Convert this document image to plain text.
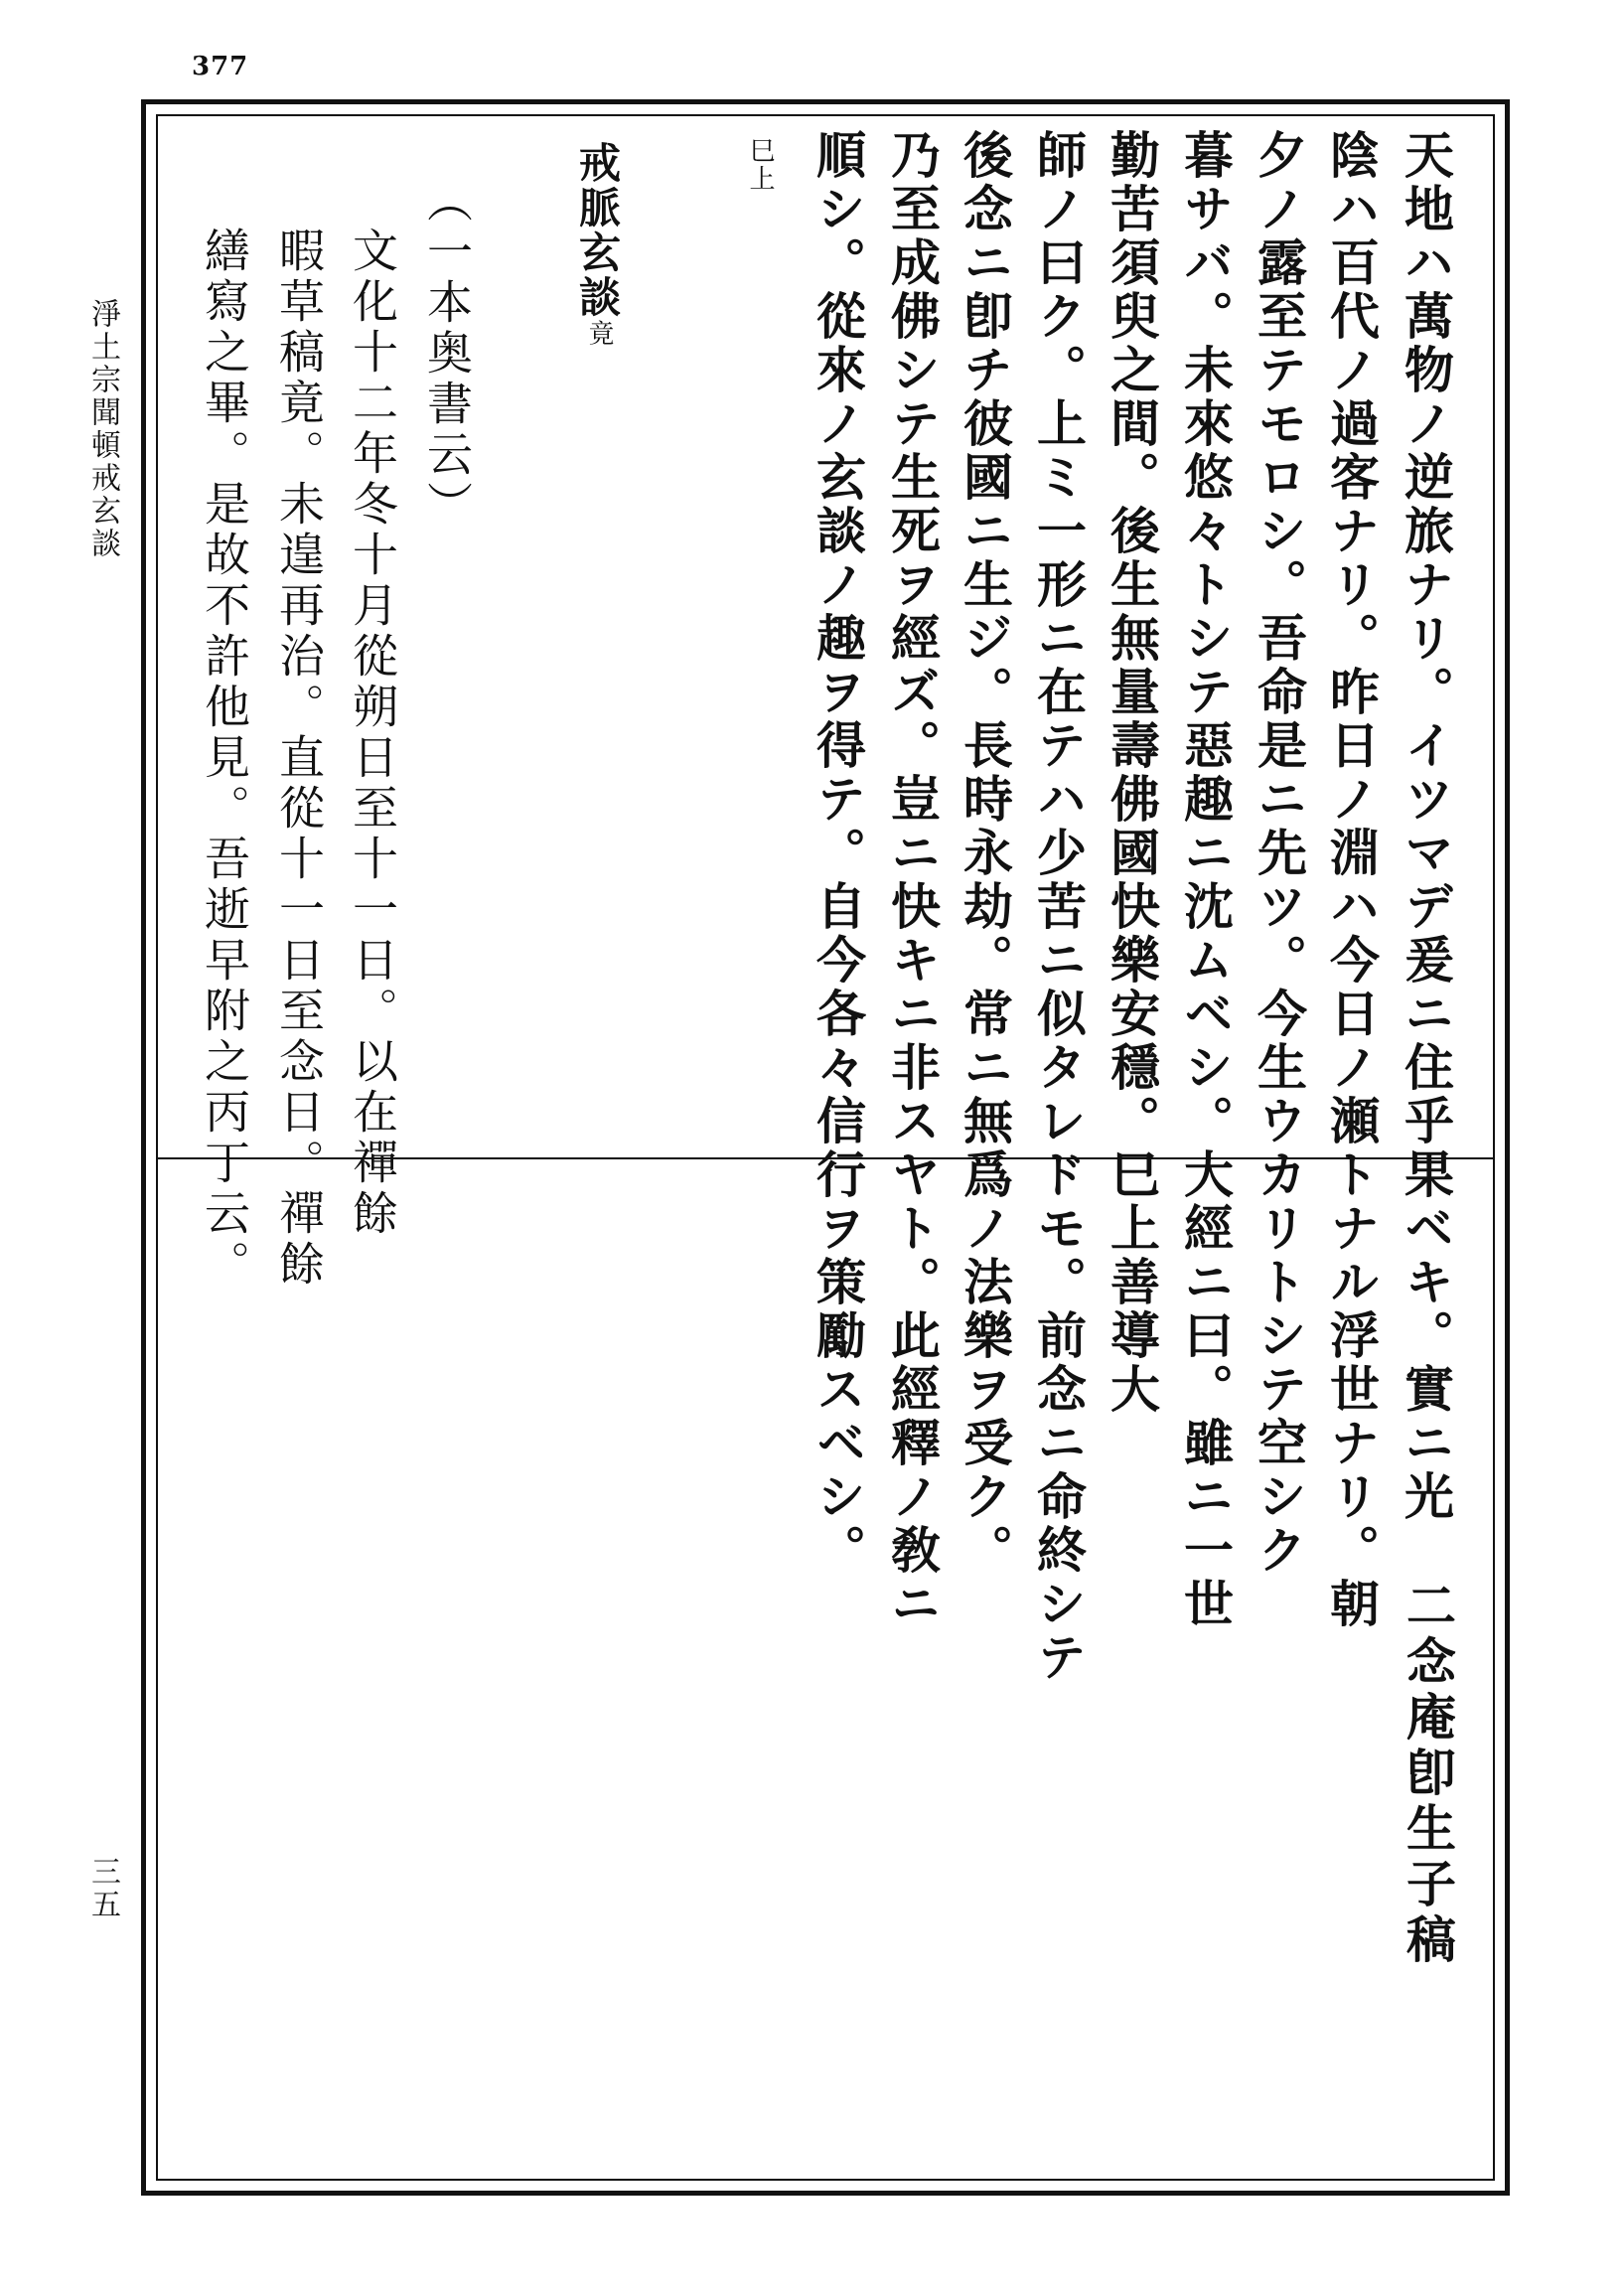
377
淨土宗聞頓戒玄談
三五
天地ハ萬物ノ逆旅ナリ。イツマデ爰ニ住乎果ベキ。實ニ光
陰ハ百代ノ過客ナリ。昨日ノ淵ハ今日ノ瀬トナル浮世ナリ。朝
夕ノ露至テモロシ。吾命是ニ先ツ。今生ウカリトシテ空シク
暮サバ。未來悠々トシテ惡趣ニ沈ムベシ。大經ニ曰。雖ニ一世
勤苦須臾之間。後生無量壽佛國快樂安穩。巳上善導大
師ノ曰ク。上ミ一形ニ在テハ少苦ニ似タレドモ。前念ニ命終シテ
後念ニ卽チ彼國ニ生ジ。長時永劫。常ニ無爲ノ法樂ヲ受ク。
乃至成佛シテ生死ヲ經ズ。豈ニ快キニ非スヤト。此經釋ノ敎ニ
順シ。從來ノ玄談ノ趣ヲ得テ。自今各々信行ヲ策勵スベシ。
巳上
戒脈玄談
竟
（一本奥書云）
文化十二年冬十月從朔日至十一日。以在禪餘
暇草稿竟。未遑再治。直從十一日至念日。禪餘
繕寫之畢。是故不許他見。吾逝早附之丙丁云。
二念庵卽生子稿
